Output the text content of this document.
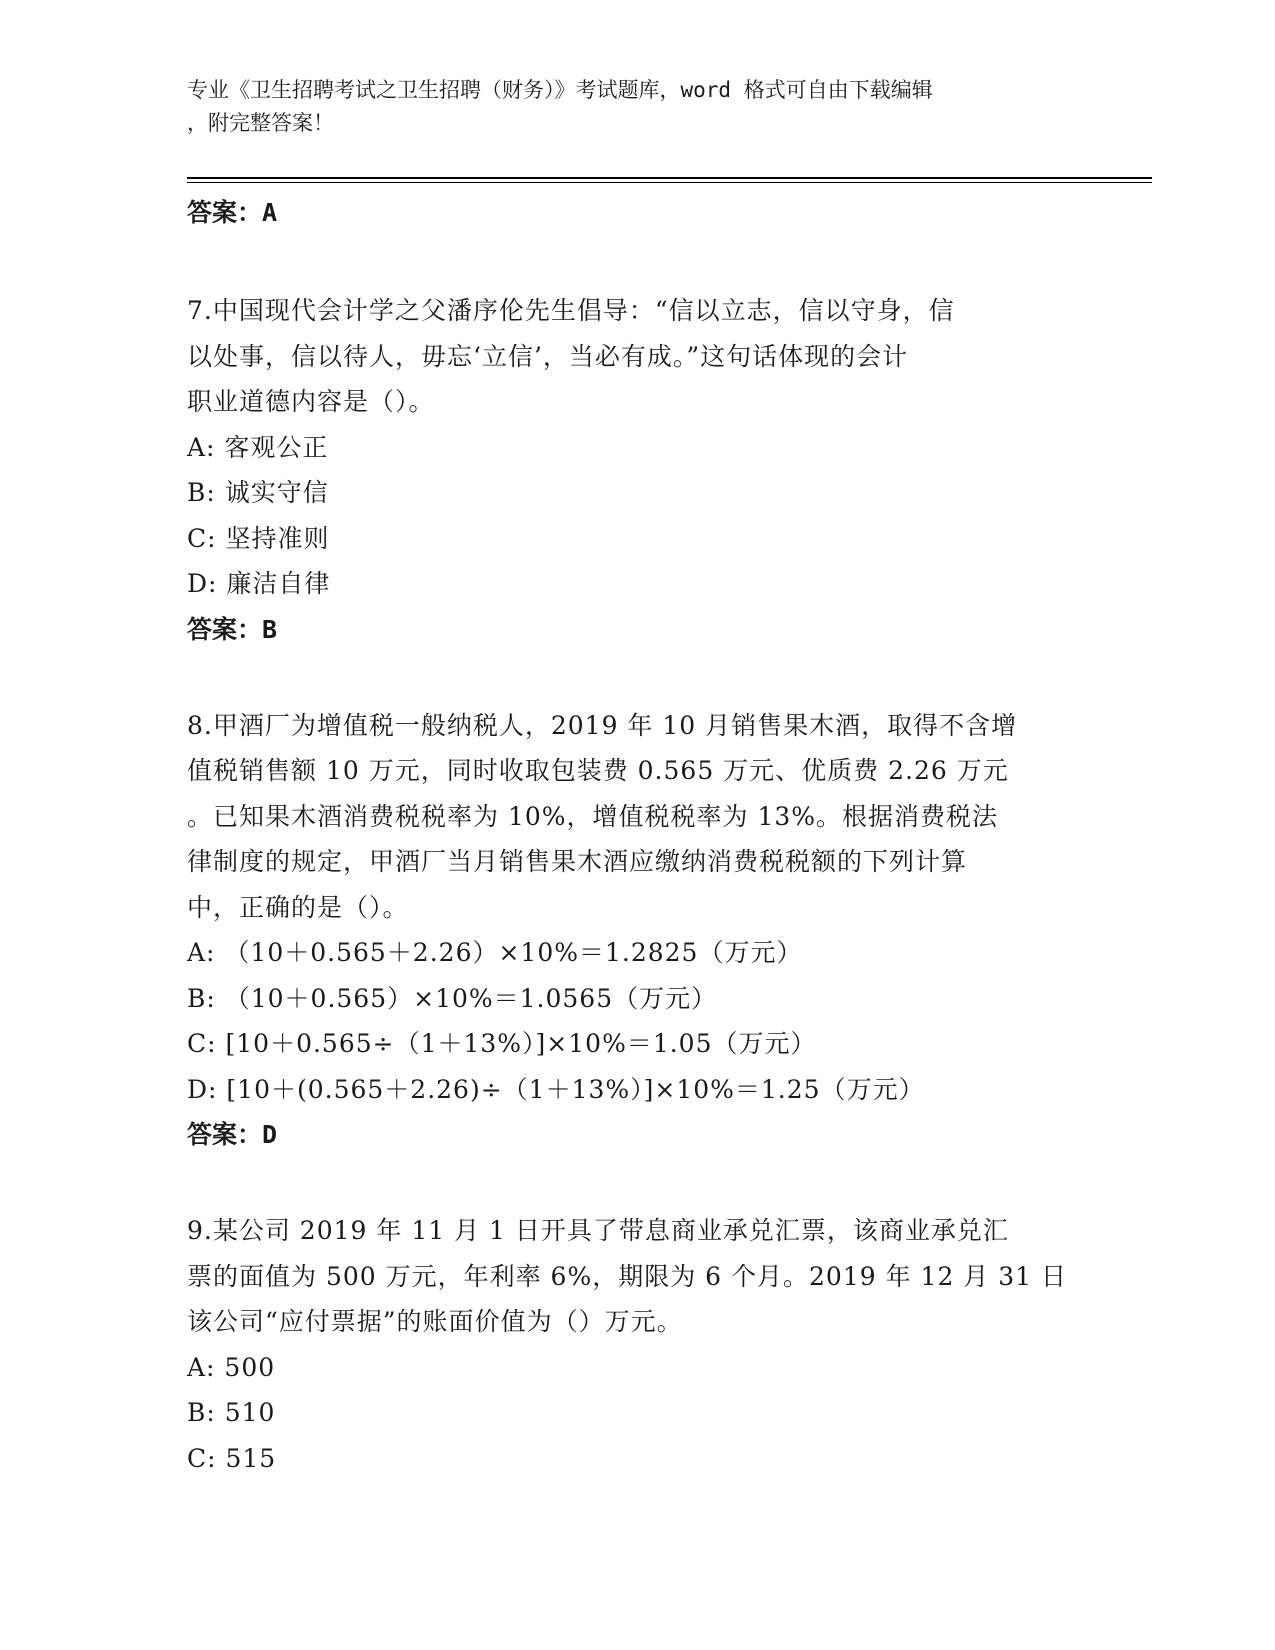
专业《卫生招聘考试之卫生招聘（财务）》考试题库，word 格式可自由下载编辑
，附完整答案！
答案：A
7.中国现代会计学之父潘序伦先生倡导：“信以立志，信以守身，信
以处事，信以待人，毋忘‘立信’，当必有成。”这句话体现的会计
职业道德内容是（）。
A: 客观公正
B: 诚实守信
C: 坚持准则
D: 廉洁自律
答案：B
8.甲酒厂为增值税一般纳税人，2019 年 10 月销售果木酒，取得不含增
值税销售额 10 万元，同时收取包装费 0.565 万元、优质费 2.26 万元
。已知果木酒消费税税率为 10%，增值税税率为 13%。根据消费税法
律制度的规定，甲酒厂当月销售果木酒应缴纳消费税税额的下列计算
中，正确的是（）。
A: （10＋0.565＋2.26）×10%＝1.2825（万元）
B: （10＋0.565）×10%＝1.0565（万元）
C: [10＋0.565÷（1＋13%）]×10%＝1.05（万元）
D: [10＋(0.565＋2.26)÷（1＋13%）]×10%＝1.25（万元）
答案：D
9.某公司 2019 年 11 月 1 日开具了带息商业承兑汇票，该商业承兑汇
票的面值为 500 万元，年利率 6%，期限为 6 个月。2019 年 12 月 31 日
该公司“应付票据”的账面价值为（）万元。
A: 500
B: 510
C: 515
